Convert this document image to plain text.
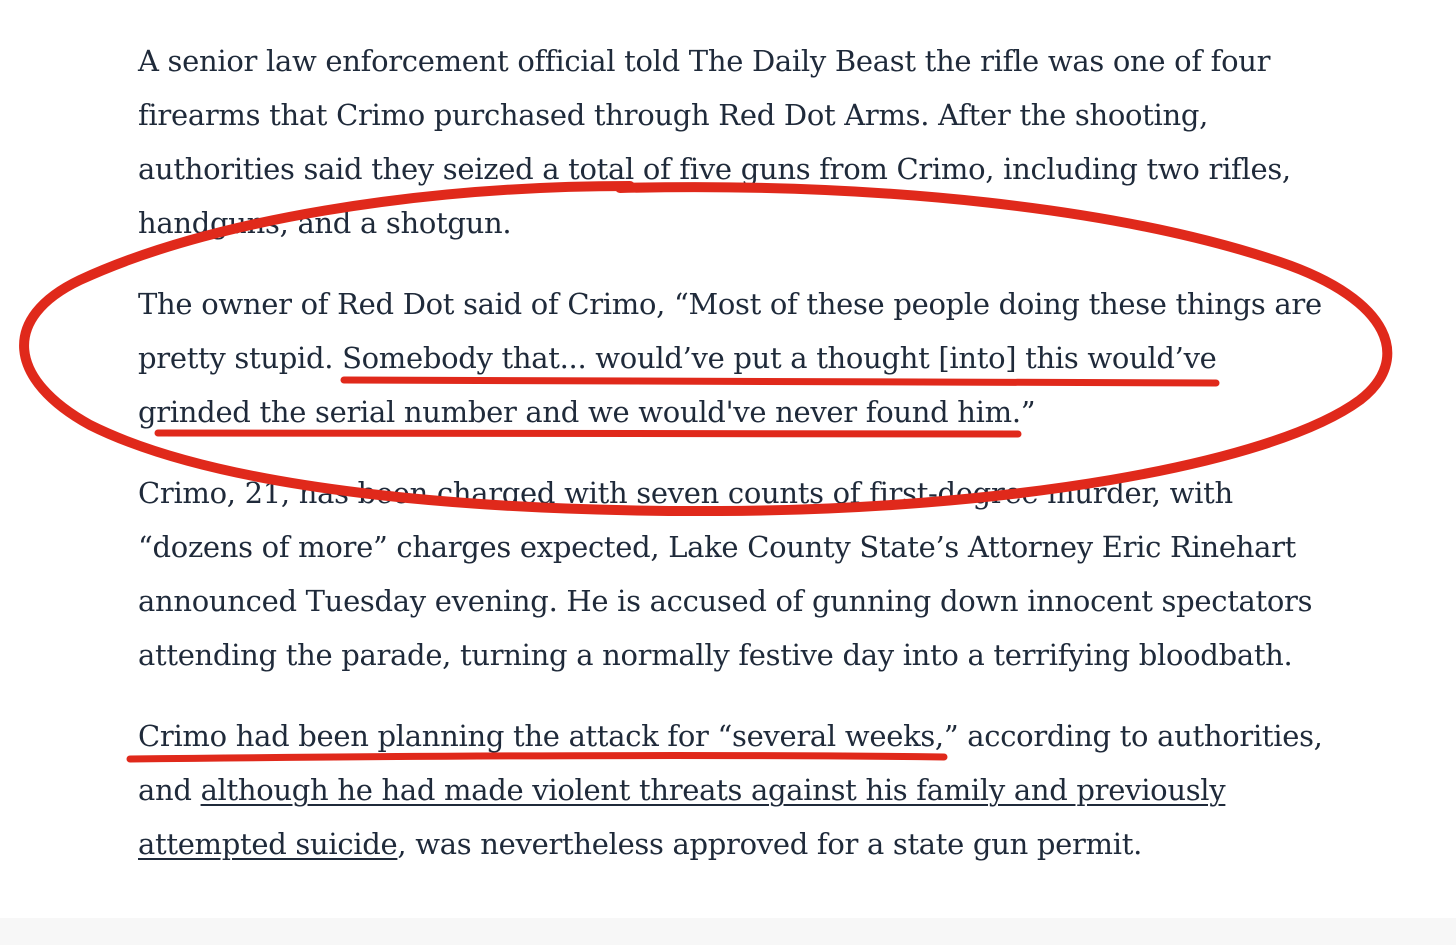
A senior law enforcement official told The Daily Beast the rifle was one of four
firearms that Crimo purchased through Red Dot Arms. After the shooting,
authorities said they seized a total of five guns from Crimo, including two rifles,
handguns, and a shotgun.

The owner of Red Dot said of Crimo, “Most of these people doing these things are
pretty stupid. Somebody that... would’ve put a thought [into] this would’ve
grinded the serial number and we would've never found him.”

Crimo, 21, has been charged with seven counts of first-degree murder, with
“dozens of more” charges expected, Lake County State’s Attorney Eric Rinehart
announced Tuesday evening. He is accused of gunning down innocent spectators
attending the parade, turning a normally festive day into a terrifying bloodbath.

Crimo had been planning the attack for “several weeks,” according to authorities,
and although he had made violent threats against his family and previously
attempted suicide, was nevertheless approved for a state gun permit.
